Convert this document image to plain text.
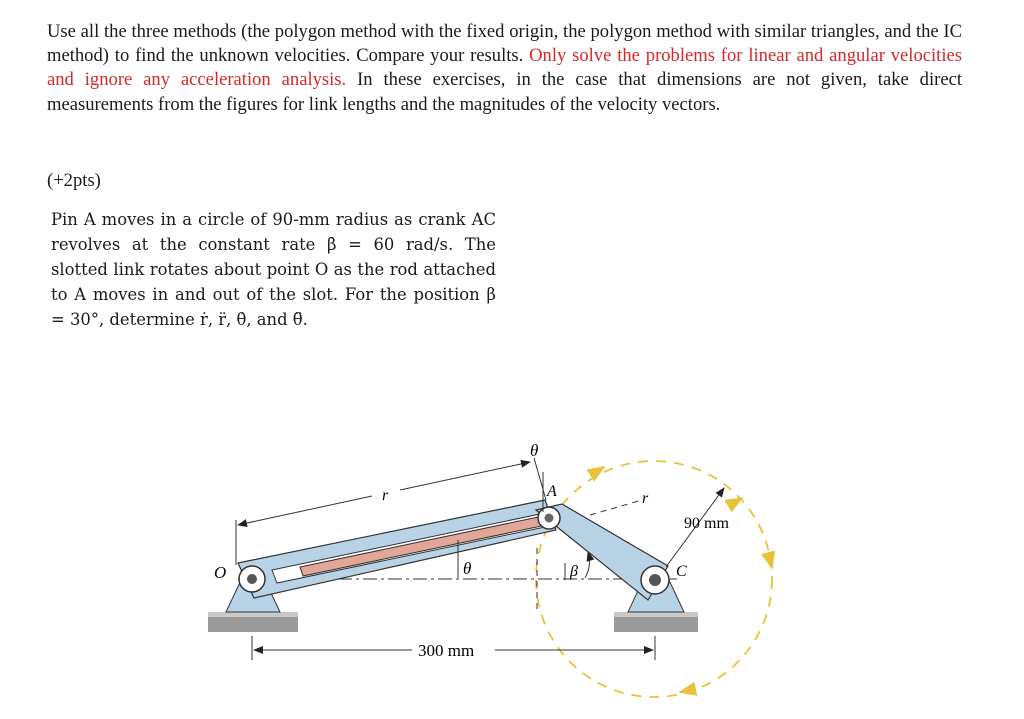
Use all the three methods (the polygon method with the fixed origin, the polygon method with similar triangles, and the IC method) to find the unknown velocities. Compare your results. Only solve the problems for linear and angular velocities and ignore any acceleration analysis. In these exercises, in the case that dimensions are not given, take direct measurements from the figures for link lengths and the magnitudes of the velocity vectors.
(+2pts)
Pin A moves in a circle of 90-mm radius as crank AC revolves at the constant rate β̇ = 60 rad/s. The slotted link rotates about point O as the rod attached to A moves in and out of the slot. For the position β = 30°, determine ṙ, r̈, θ̇, and θ̈.
r
θ
A	r
θ	β
90 mm
C
O
300 mm
